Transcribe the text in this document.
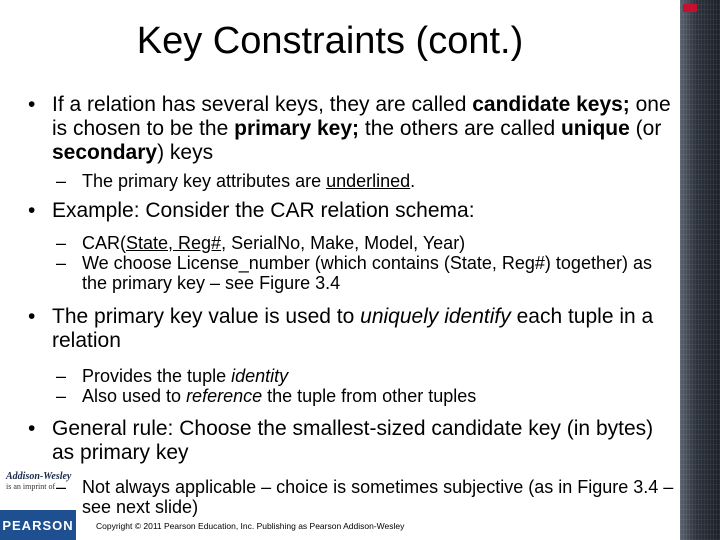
Key Constraints (cont.)

• If a relation has several keys, they are called candidate keys; one is chosen to be the primary key; the others are called unique (or secondary) keys

– The primary key attributes are underlined.

• Example: Consider the CAR relation schema:

– CAR(State, Reg#, SerialNo, Make, Model, Year)

– We choose License_number (which contains (State, Reg#) together) as the primary key – see Figure 3.4

• The primary key value is used to uniquely identify each tuple in a relation

– Provides the tuple identity

– Also used to reference the tuple from other tuples

• General rule: Choose the smallest-sized candidate key (in bytes) as primary key

– Not always applicable – choice is sometimes subjective (as in Figure 3.4 – see next slide)

Addison-Wesley
is an imprint of
PEARSON	Copyright © 2011 Pearson Education, Inc. Publishing as Pearson Addison-Wesley
